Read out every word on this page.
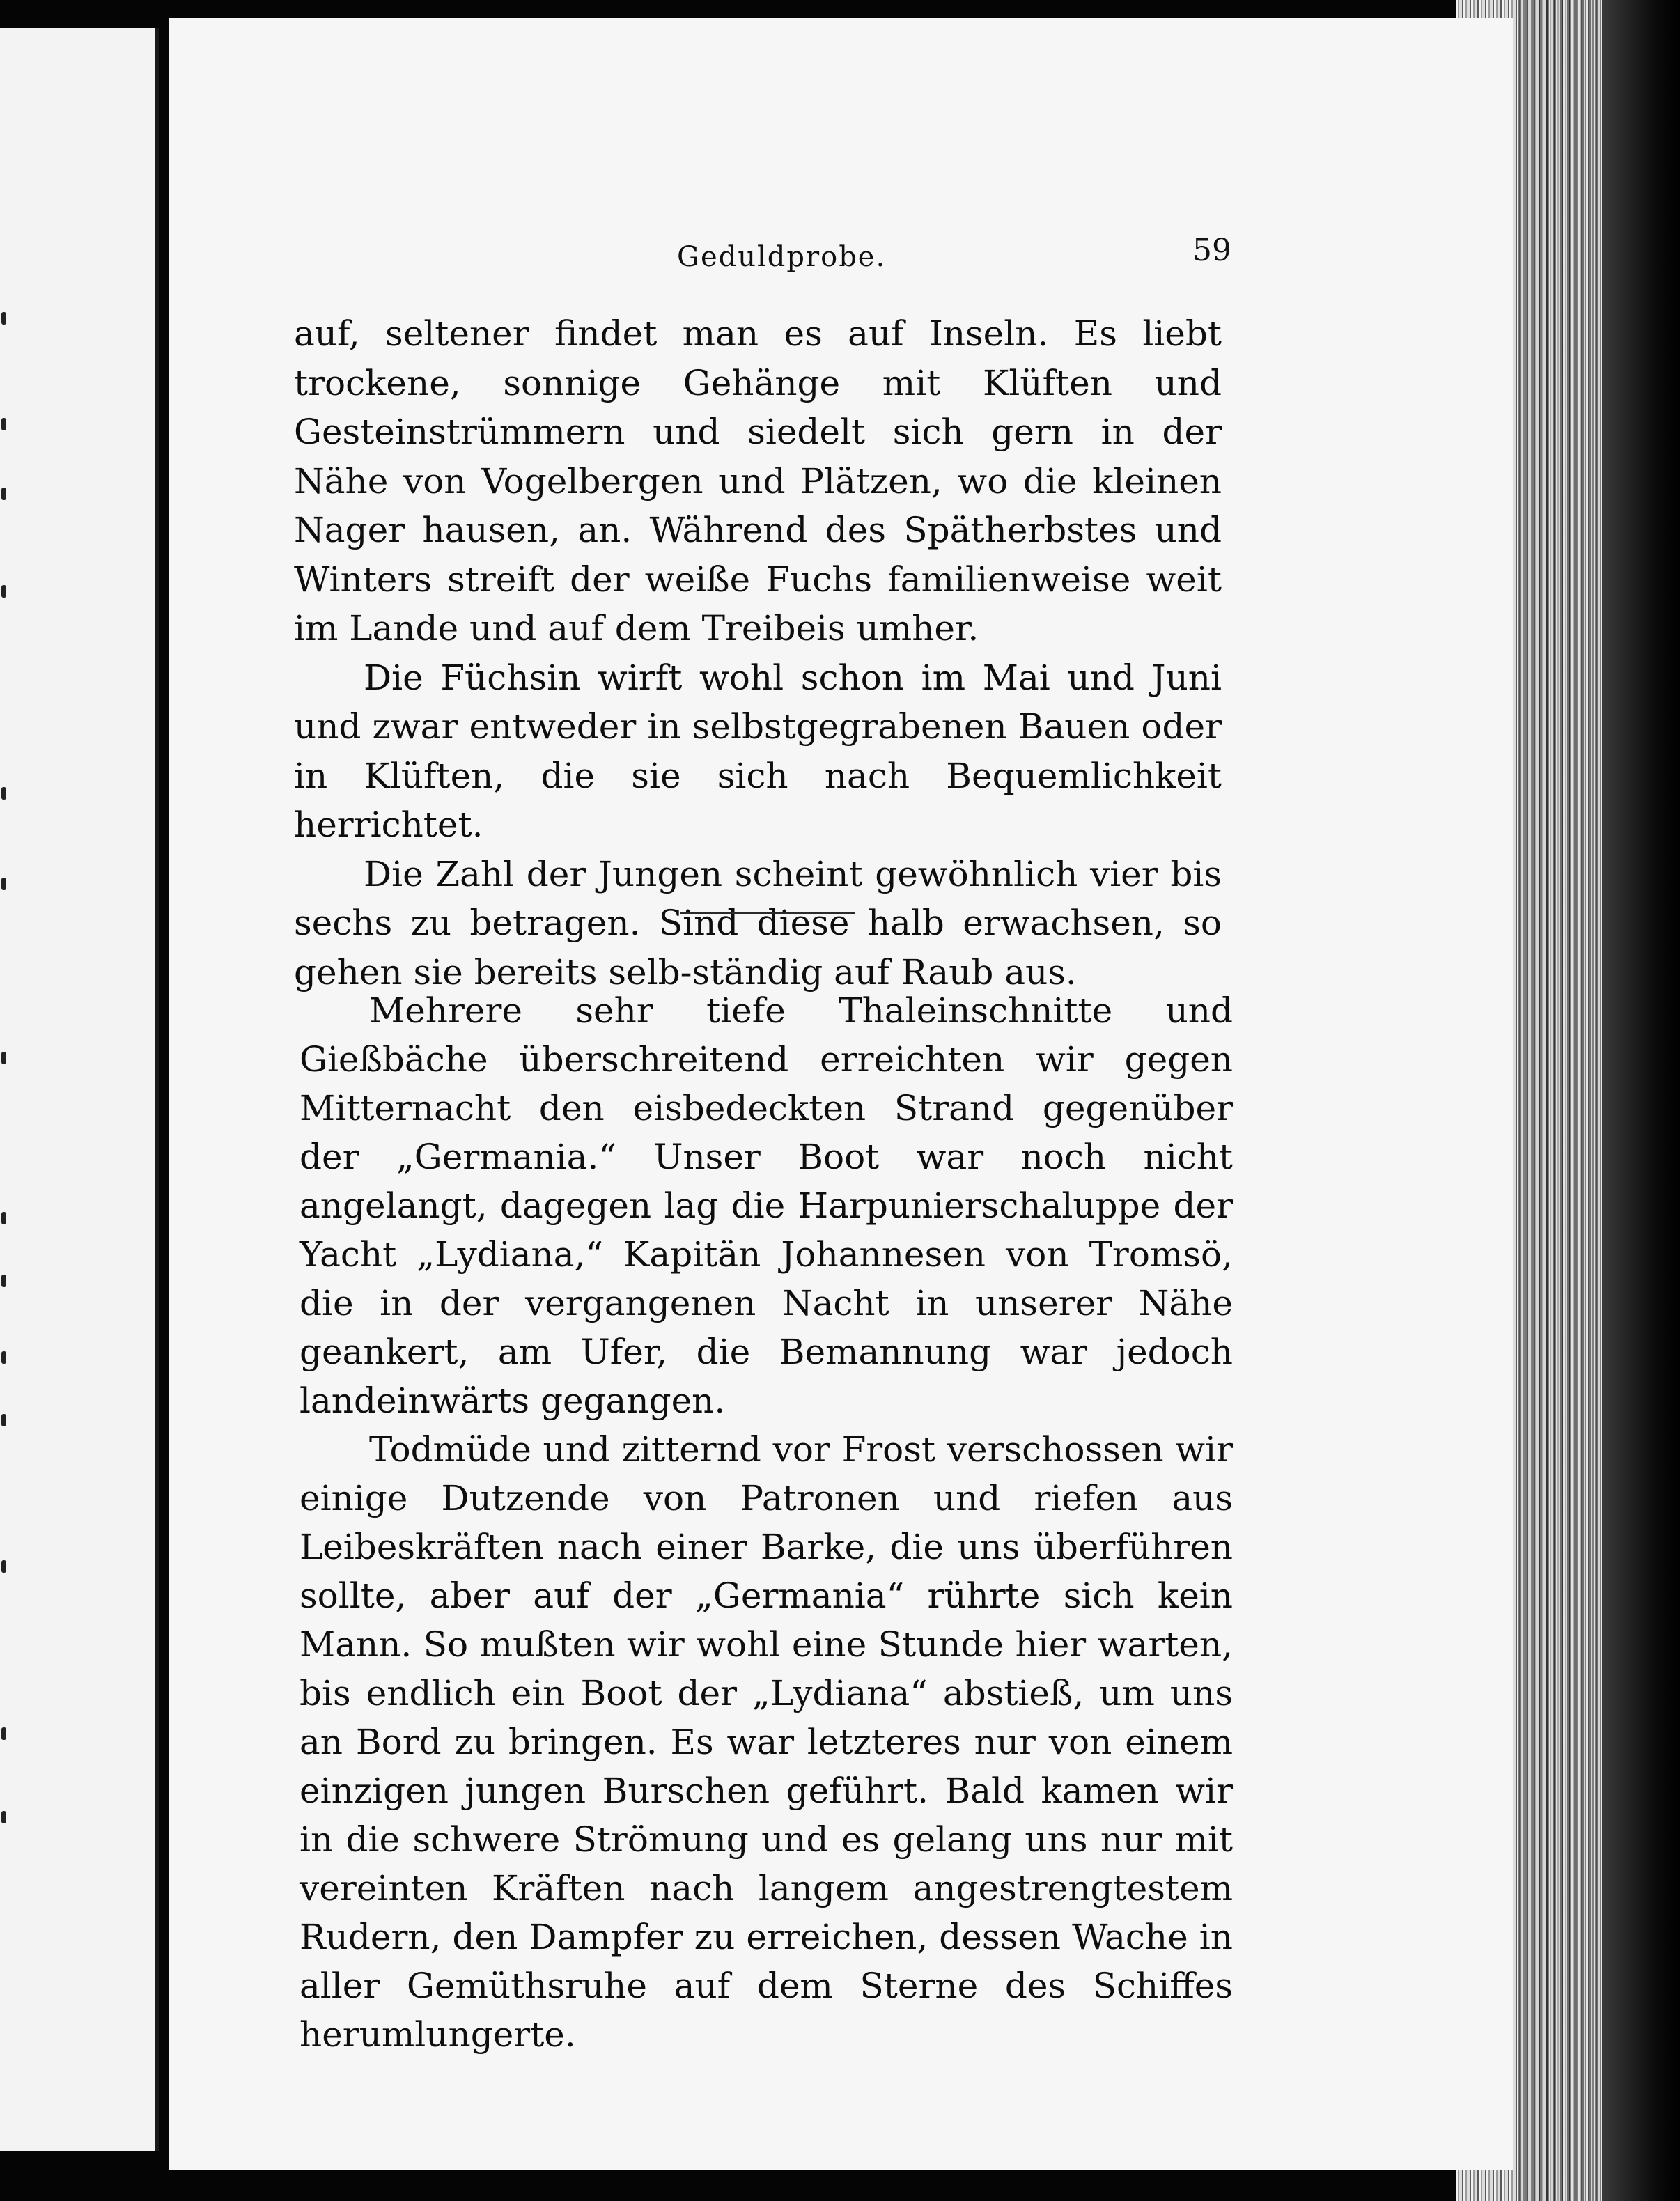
Geduldprobe.	59

auf, seltener findet man es auf Inseln. Es liebt trockene, sonnige Gehänge mit Klüften und Gesteinstrümmern und siedelt sich gern in der Nähe von Vogelbergen und Plätzen, wo die kleinen Nager hausen, an. Während des Spätherbstes und Winters streift der weiße Fuchs familienweise weit im Lande und auf dem Treibeis umher.

Die Füchsin wirft wohl schon im Mai und Juni und zwar entweder in selbstgegrabenen Bauen oder in Klüften, die sie sich nach Bequemlichkeit herrichtet.

Die Zahl der Jungen scheint gewöhnlich vier bis sechs zu betragen. Sind diese halb erwachsen, so gehen sie bereits selb-ständig auf Raub aus.

Mehrere sehr tiefe Thaleinschnitte und Gießbäche überschreitend erreichten wir gegen Mitternacht den eisbedeckten Strand gegenüber der „Germania.“ Unser Boot war noch nicht angelangt, dagegen lag die Harpunierschaluppe der Yacht „Lydiana,“ Kapitän Johannesen von Tromsö, die in der vergangenen Nacht in unserer Nähe geankert, am Ufer, die Bemannung war jedoch landeinwärts gegangen.

Todmüde und zitternd vor Frost verschossen wir einige Dutzende von Patronen und riefen aus Leibeskräften nach einer Barke, die uns überführen sollte, aber auf der „Germania“ rührte sich kein Mann. So mußten wir wohl eine Stunde hier warten, bis endlich ein Boot der „Lydiana“ abstieß, um uns an Bord zu bringen. Es war letzteres nur von einem einzigen jungen Burschen geführt. Bald kamen wir in die schwere Strömung und es gelang uns nur mit vereinten Kräften nach langem angestrengtestem Rudern, den Dampfer zu erreichen, dessen Wache in aller Gemüthsruhe auf dem Sterne des Schiffes herumlungerte.
